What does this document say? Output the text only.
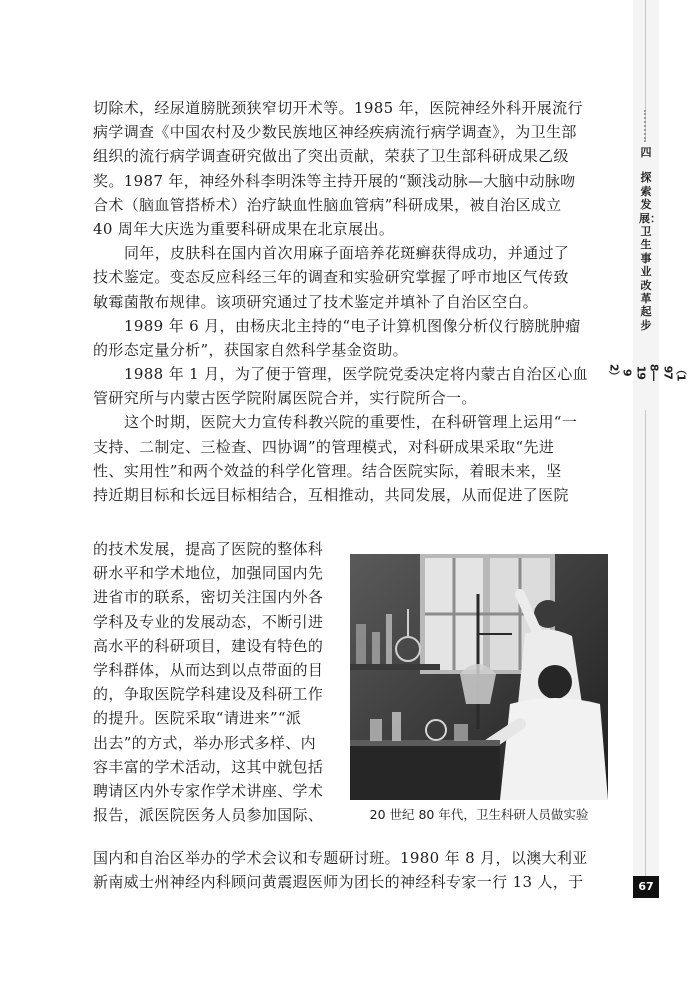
四
探索发展：卫生事业改革起步 （1978—1992）
67
切除术，经尿道膀胱颈狭窄切开术等。1985 年，医院神经外科开展流行
病学调查《中国农村及少数民族地区神经疾病流行病学调查》，为卫生部
组织的流行病学调查研究做出了突出贡献，荣获了卫生部科研成果乙级
奖。1987 年，神经外科李明洙等主持开展的“颞浅动脉—大脑中动脉吻
合术（脑血管搭桥术）治疗缺血性脑血管病”科研成果，被自治区成立
40 周年大庆选为重要科研成果在北京展出。
同年，皮肤科在国内首次用麻子面培养花斑癣获得成功，并通过了
技术鉴定。变态反应科经三年的调查和实验研究掌握了呼市地区气传致
敏霉菌散布规律。该项研究通过了技术鉴定并填补了自治区空白。
1989 年 6 月，由杨庆北主持的“电子计算机图像分析仪行膀胱肿瘤
的形态定量分析”，获国家自然科学基金资助。
1988 年 1 月，为了便于管理，医学院党委决定将内蒙古自治区心血
管研究所与内蒙古医学院附属医院合并，实行院所合一。
这个时期，医院大力宣传科教兴院的重要性，在科研管理上运用“一
支持、二制定、三检查、四协调”的管理模式，对科研成果采取“先进
性、实用性”和两个效益的科学化管理。结合医院实际，着眼未来，坚
持近期目标和长远目标相结合，互相推动，共同发展，从而促进了医院
的技术发展，提高了医院的整体科
研水平和学术地位，加强同国内先
进省市的联系，密切关注国内外各
学科及专业的发展动态，不断引进
高水平的科研项目，建设有特色的
学科群体，从而达到以点带面的目
的，争取医院学科建设及科研工作
的提升。医院采取“请进来”“派
出去”的方式，举办形式多样、内
容丰富的学术活动，这其中就包括
聘请区内外专家作学术讲座、学术
报告，派医院医务人员参加国际、	20 世纪 80 年代，卫生科研人员做实验
国内和自治区举办的学术会议和专题研讨班。1980 年 8 月，以澳大利亚
新南威士州神经内科顾问黄震遐医师为团长的神经科专家一行 13 人，于
